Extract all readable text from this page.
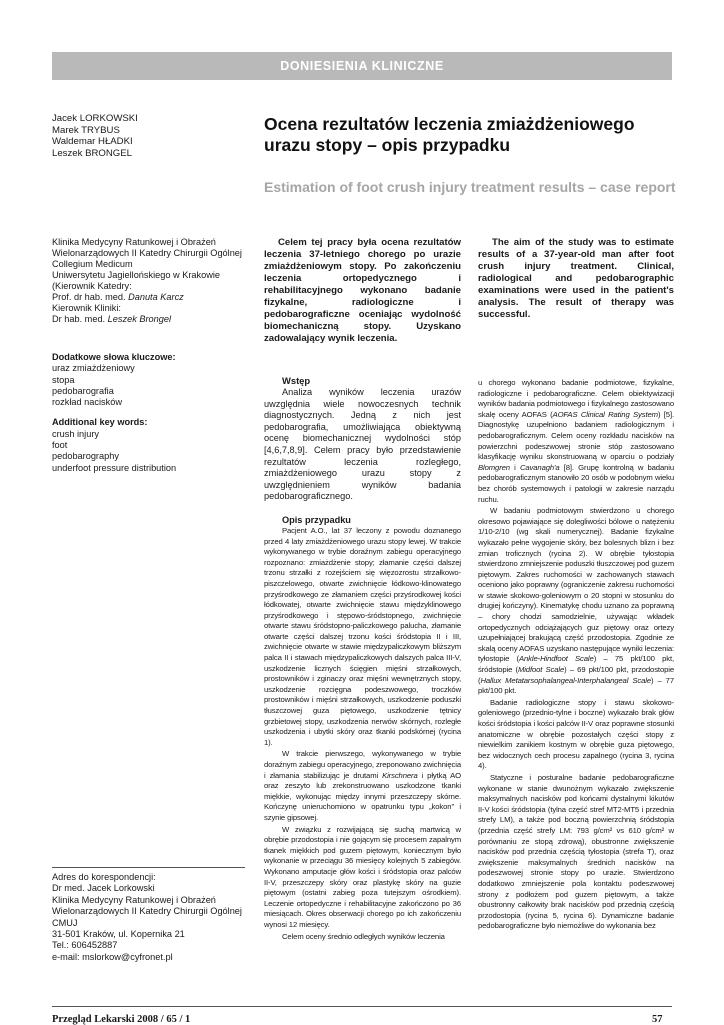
DONIESIENIA KLINICZNE
Jacek LORKOWSKI
Marek TRYBUS
Waldemar HŁADKI
Leszek BRONGEL
Ocena rezultatów leczenia zmiażdżeniowego urazu stopy – opis przypadku
Estimation of foot crush injury treatment results – case report
Klinika Medycyny Ratunkowej i Obrażeń
Wielonarządowych II Katedry Chirurgii Ogólnej
Collegium Medicum
Uniwersytetu Jagiellońskiego w Krakowie
(Kierownik Katedry:
Prof. dr hab. med. Danuta Karcz
Kierownik Kliniki:
Dr hab. med. Leszek Brongel
Dodatkowe słowa kluczowe:
uraz zmiażdżeniowy
stopa
pedobarografia
rozkład nacisków
Additional key words:
crush injury
foot
pedobarography
underfoot pressure distribution
Celem tej pracy była ocena rezultatów leczenia 37-letniego chorego po urazie zmiażdżeniowym stopy. Po zakończeniu leczenia ortopedycznego i rehabilitacyjnego wykonano badanie fizykalne, radiologiczne i pedobarograficzne oceniając wydolność biomechaniczną stopy. Uzyskano zadowalający wynik leczenia.
The aim of the study was to estimate results of a 37-year-old man after foot crush injury treatment. Clinical, radiological and pedobarographic examinations were used in the patient's analysis. The result of therapy was successful.
Wstęp

Analiza wyników leczenia urazów uwzględnia wiele nowoczesnych technik diagnostycznych. Jedną z nich jest pedobarografia, umożliwiająca obiektywną ocenę biomechanicznej wydolności stóp [4,6,7,8,9]. Celem pracy było przedstawienie rezultatów leczenia rozległego, zmiażdżeniowego urazu stopy z uwzględnieniem wyników badania pedobarograficznego.

Opis przypadku

Pacjent A.O., lat 37 leczony z powodu doznanego przed 4 laty zmiażdżeniowego urazu stopy lewej. W trakcie wykonywanego w trybie doraźnym zabiegu operacyjnego rozpoznano: zmiażdżenie stopy; złamanie części dalszej trzonu strzałki z rozejściem się więzozrostu strzałkowo-piszczelowego, otwarte zwichnięcie łódkowo-klinowatego przyśrodkowego ze złamaniem części przyśrodkowej kości łódkowatej, otwarte zwichnięcie stawu międzyklinowego przyśrodkowego i stępowo-śródstopnego, zwichnięcie otwarte stawu śródstopno-paliczkowego palucha, złamanie otwarte części dalszej trzonu kości śródstopia II i III, zwichnięcie otwarte w stawie międzypaliczkowym bliższym palca II i stawach międzypaliczkowych dalszych palca III-V, uszkodzenie licznych ścięgien mięśni strzałkowych, prostowników i zginaczy oraz mięśni wewnętrznych stopy, uszkodzenie rozcięgna podeszwowego, troczków prostowników i mięśni strzałkowych, uszkodzenie poduszki tłuszczowej guza piętowego, uszkodzenie tętnicy grzbietowej stopy, uszkodzenia nerwów skórnych, rozległe uszkodzenia i ubytki skóry oraz tkanki podskórnej (rycina 1).

W trakcie pierwszego, wykonywanego w trybie doraźnym zabiegu operacyjnego, zreponowano zwichnięcia i złamania stabilizując je drutami Kirschnera i płytką AO oraz zeszyto lub zrekonstruowano uszkodzone tkanki miękkie, wykonując między innymi przeszczepy skórne. Kończynę unieruchomiono w opatrunku typu „kokon" i szynie gipsowej.

W związku z rozwijającą się suchą martwicą w obrębie przodostopia i nie gojącym się procesem zapalnym tkanek miękkich pod guzem piętowym, koniecznym było wykonanie w przeciągu 36 miesięcy kolejnych 5 zabiegów. Wykonano amputacje głów kości i śródstopia oraz palców II-V, przeszczepy skóry oraz plastykę skóry na guzie piętowym (ostatni zabieg poza tutejszym ośrodkiem). Leczenie ortopedyczne i rehabilitacyjne zakończono po 36 miesiącach. Okres obserwacji chorego po ich zakończeniu wynosi 12 miesięcy.

Celem oceny średnio odległych wyników leczenia

u chorego wykonano badanie podmiotowe, fizykalne, radiologiczne i pedobarograficzne. Celem obiektywizacji wyników badania podmiotowego i fizykalnego zastosowano skalę oceny AOFAS (AOFAS Clinical Rating System) [5]. Diagnostykę uzupełniono badaniem radiologicznym i pedobarograficznym. Celem oceny rozkładu nacisków na powierzchni podeszwowej stronie stóp zastosowano klasyfikację wyniku skonstruowaną w oparciu o podziały Blomgren i Cavanagh'a [8]. Grupę kontrolną w badaniu pedobarograficznym stanowiło 20 osób w podobnym wieku bez chorób systemowych i patologii w zakresie narządu ruchu.

W badaniu podmiotowym stwierdzono u chorego okresowo pojawiające się dolegliwości bólowe o natężeniu 1/10-2/10 (wg skali numerycznej). Badanie fizykalne wykazało pełne wygojenie skóry, bez bolesnych blizn i bez zmian troficznych (rycina 2). W obrębie tyłostopia stwierdzono zmniejszenie poduszki tłuszczowej pod guzem piętowym. Zakres ruchomości w zachowanych stawach oceniono jako poprawny (ograniczenie zakresu ruchomości w stawie skokowo-goleniowym o 20 stopni w stosunku do drugiej kończyny). Kinematykę chodu uznano za poprawną – chory chodzi samodzielnie, używając wkładek ortopedycznych odciążających guz piętowy oraz ortezy uzupełniającej brakującą część przodostopia. Zgodnie ze skalą oceny AOFAS uzyskano następujące wyniki leczenia: tyłostopie (Ankle-Hindfoot Scale) – 75 pkt/100 pkt, śródstopie (Midfoot Scale) – 69 pkt/100 pkt, przodostopie (Hallux Metatarsophalangeal-Interphalangeal Scale) – 77 pkt/100 pkt.

Badanie radiologiczne stopy i stawu skokowo-goleniowego (przednio-tylne i boczne) wykazało brak głów kości śródstopia i kości palców II-V oraz poprawne stosunki anatomiczne w obrębie pozostałych części stopy z niewielkim zanikiem kostnym w obrębie guza piętowego, bez widocznych cech procesu zapalnego (rycina 3, rycina 4).

Statyczne i posturalne badanie pedobarograficzne wykonane w stanie dwunożnym wykazało zwiększenie maksymalnych nacisków pod końcami dystalnymi kikutów II-V kości śródstopia (tylna część stref MT2-MT5 i przednia strefy LM), a także pod boczną powierzchnią śródstopia (przednia część strefy LM: 793 g/cm² vs 610 g/cm² w porównaniu ze stopą zdrową), obustronne zwiększenie nacisków pod przednia częścią tyłostopia (strefa T), oraz zwiększenie maksymalnych średnich nacisków na podeszwowej stronie stopy po urazie. Stwierdzono dodatkowo zmniejszenie pola kontaktu podeszwowej strony z podłożem pod guzem piętowym, a także obustronny całkowity brak nacisków pod przednią częścią przodostopia (rycina 5, rycina 6). Dynamiczne badanie pedobarograficzne było niemożliwe do wykonania bez

Adres do korespondencji:
Dr med. Jacek Lorkowski
Klinika Medycyny Ratunkowej i Obrażeń
Wielonarządowych II Katedry Chirurgii Ogólnej
CMUJ
31-501 Kraków, ul. Kopernika 21
Tel.: 606452887
e-mail: mslorkow@cyfronet.pl
Przegląd Lekarski 2008 / 65 / 1	57
